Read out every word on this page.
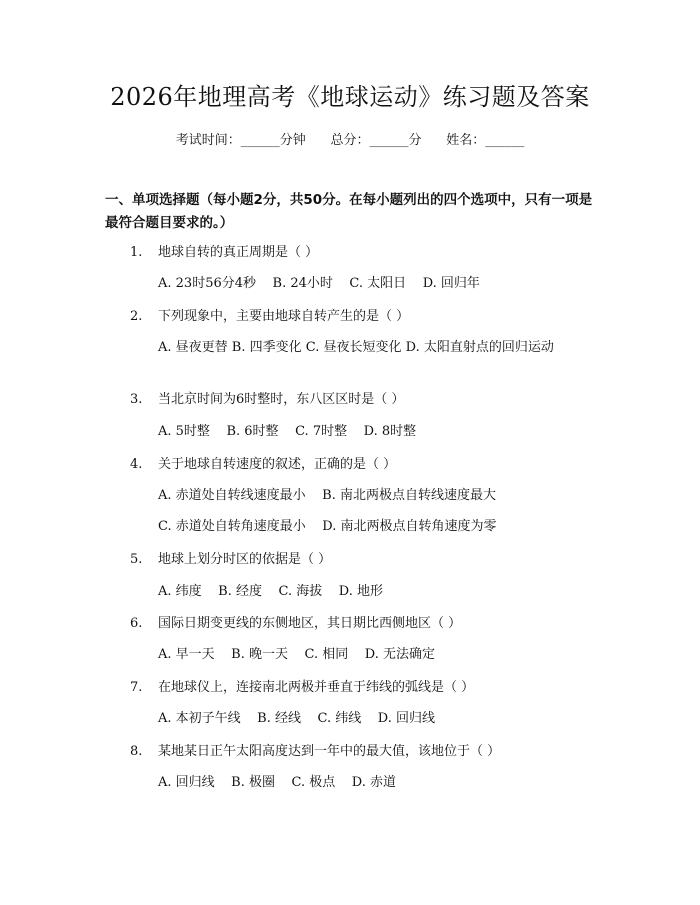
2026年地理高考《地球运动》练习题及答案
考试时间：______分钟      总分：______分      姓名：______
一、单项选择题（每小题2分，共50分。在每小题列出的四个选项中，只有一项是最符合题目要求的。）
1. 地球自转的真正周期是（ ）
A. 23时56分4秒    B. 24小时    C. 太阳日    D. 回归年
2. 下列现象中，主要由地球自转产生的是（ ）
A. 昼夜更替 B. 四季变化 C. 昼夜长短变化 D. 太阳直射点的回归运动
3. 当北京时间为6时整时，东八区区时是（ ）
A. 5时整    B. 6时整    C. 7时整    D. 8时整
4. 关于地球自转速度的叙述，正确的是（ ）
A. 赤道处自转线速度最小    B. 南北两极点自转线速度最大
C. 赤道处自转角速度最小    D. 南北两极点自转角速度为零
5. 地球上划分时区的依据是（ ）
A. 纬度    B. 经度    C. 海拔    D. 地形
6. 国际日期变更线的东侧地区，其日期比西侧地区（ ）
A. 早一天    B. 晚一天    C. 相同    D. 无法确定
7. 在地球仪上，连接南北两极并垂直于纬线的弧线是（ ）
A. 本初子午线    B. 经线    C. 纬线    D. 回归线
8. 某地某日正午太阳高度达到一年中的最大值，该地位于（ ）
A. 回归线    B. 极圈    C. 极点    D. 赤道
